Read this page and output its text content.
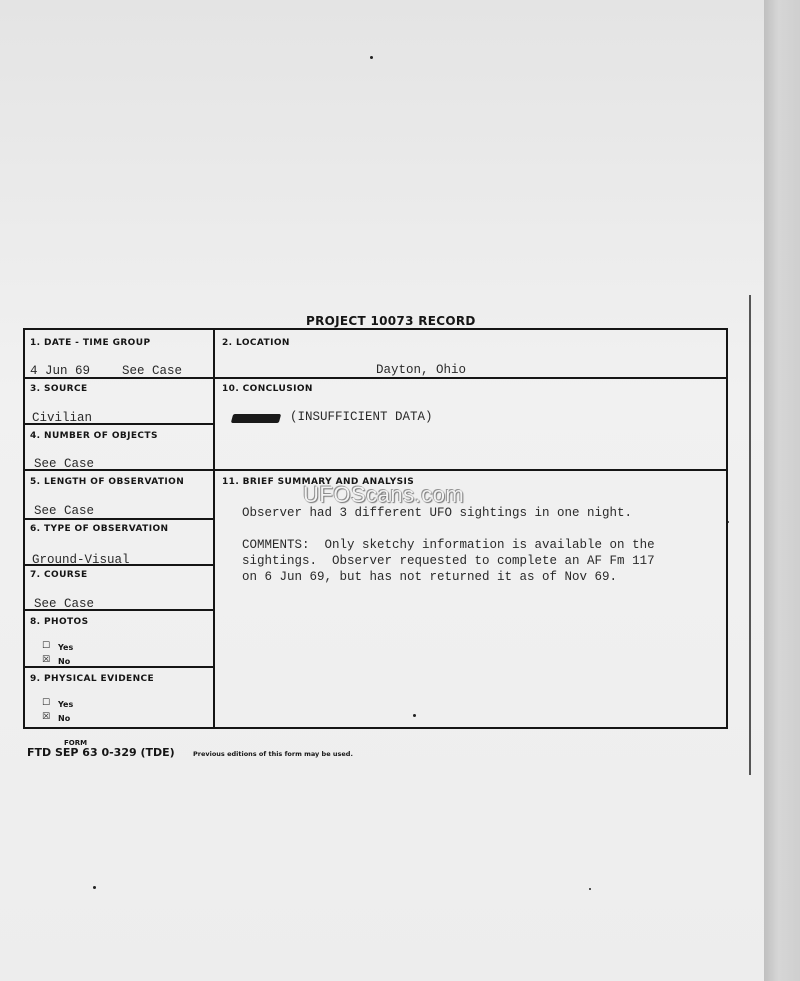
PROJECT 10073 RECORD
1. DATE - TIME GROUP
4 Jun 69	See Case
2. LOCATION
Dayton, Ohio
3. SOURCE
Civilian
10. CONCLUSION
(INSUFFICIENT DATA)
4. NUMBER OF OBJECTS
See Case
5. LENGTH OF OBSERVATION
See Case
6. TYPE OF OBSERVATION
Ground-Visual
7. COURSE
See Case
8. PHOTOS
☐ Yes
☒ No
9. PHYSICAL EVIDENCE
☐ Yes
☒ No
11. BRIEF SUMMARY AND ANALYSIS
Observer had 3 different UFO sightings in one night.
COMMENTS:  Only sketchy information is available on the
sightings.  Observer requested to complete an AF Fm 117
on 6 Jun 69, but has not returned it as of Nov 69.
UFOScans.com
FORM
FTD SEP 63 0-329 (TDE)	Previous editions of this form may be used.
